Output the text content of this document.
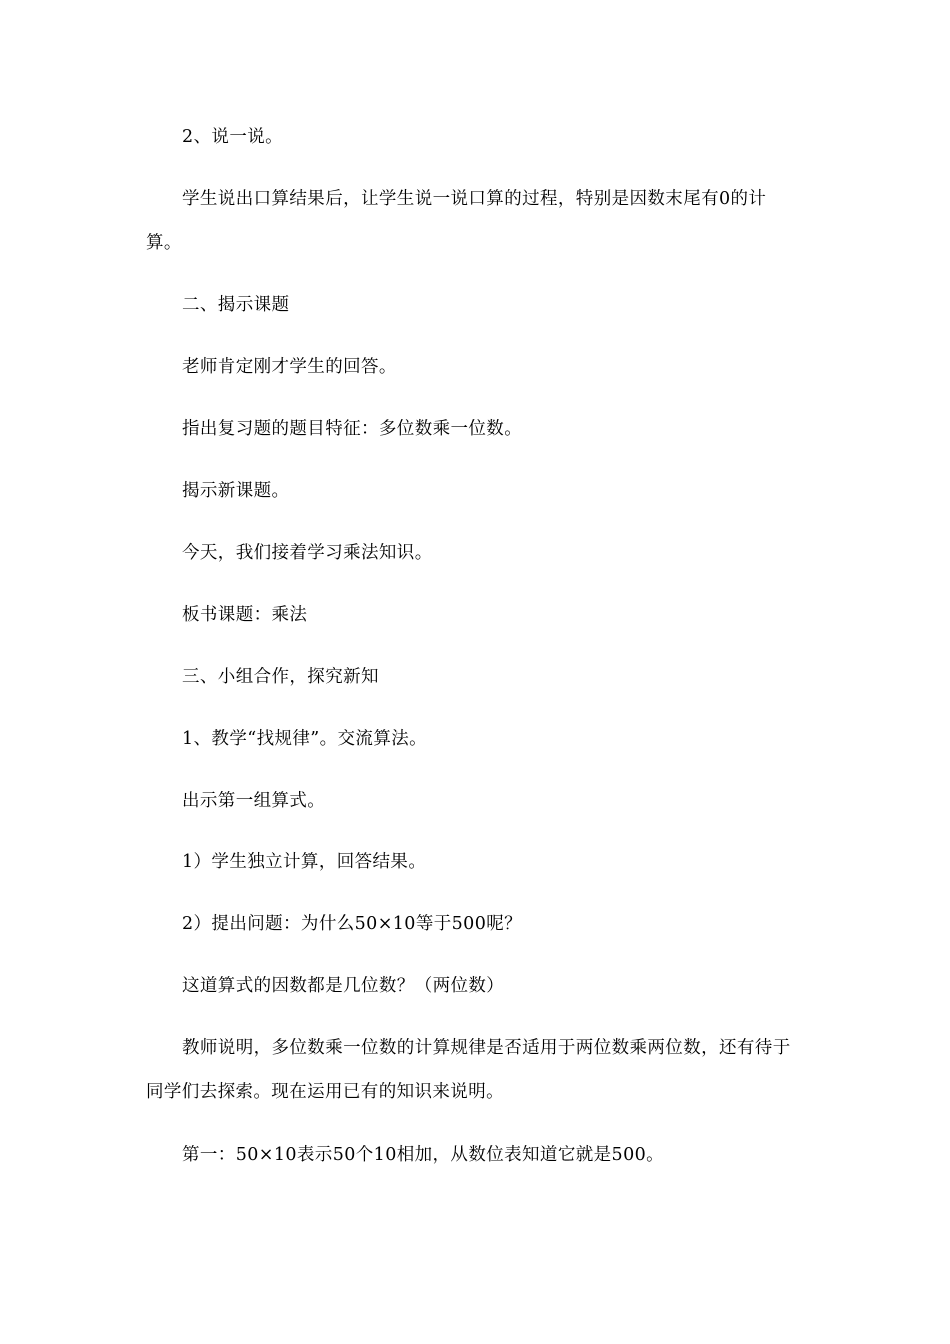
2、说一说。

学生说出口算结果后，让学生说一说口算的过程，特别是因数末尾有0的计算。

二、揭示课题

老师肯定刚才学生的回答。

指出复习题的题目特征：多位数乘一位数。

揭示新课题。

今天，我们接着学习乘法知识。

板书课题：乘法

三、小组合作，探究新知

1、教学“找规律”。交流算法。

出示第一组算式。

1）学生独立计算，回答结果。

2）提出问题：为什么50×10等于500呢？

这道算式的因数都是几位数？（两位数）

教师说明，多位数乘一位数的计算规律是否适用于两位数乘两位数，还有待于同学们去探索。现在运用已有的知识来说明。

第一：50×10表示50个10相加，从数位表知道它就是500。
